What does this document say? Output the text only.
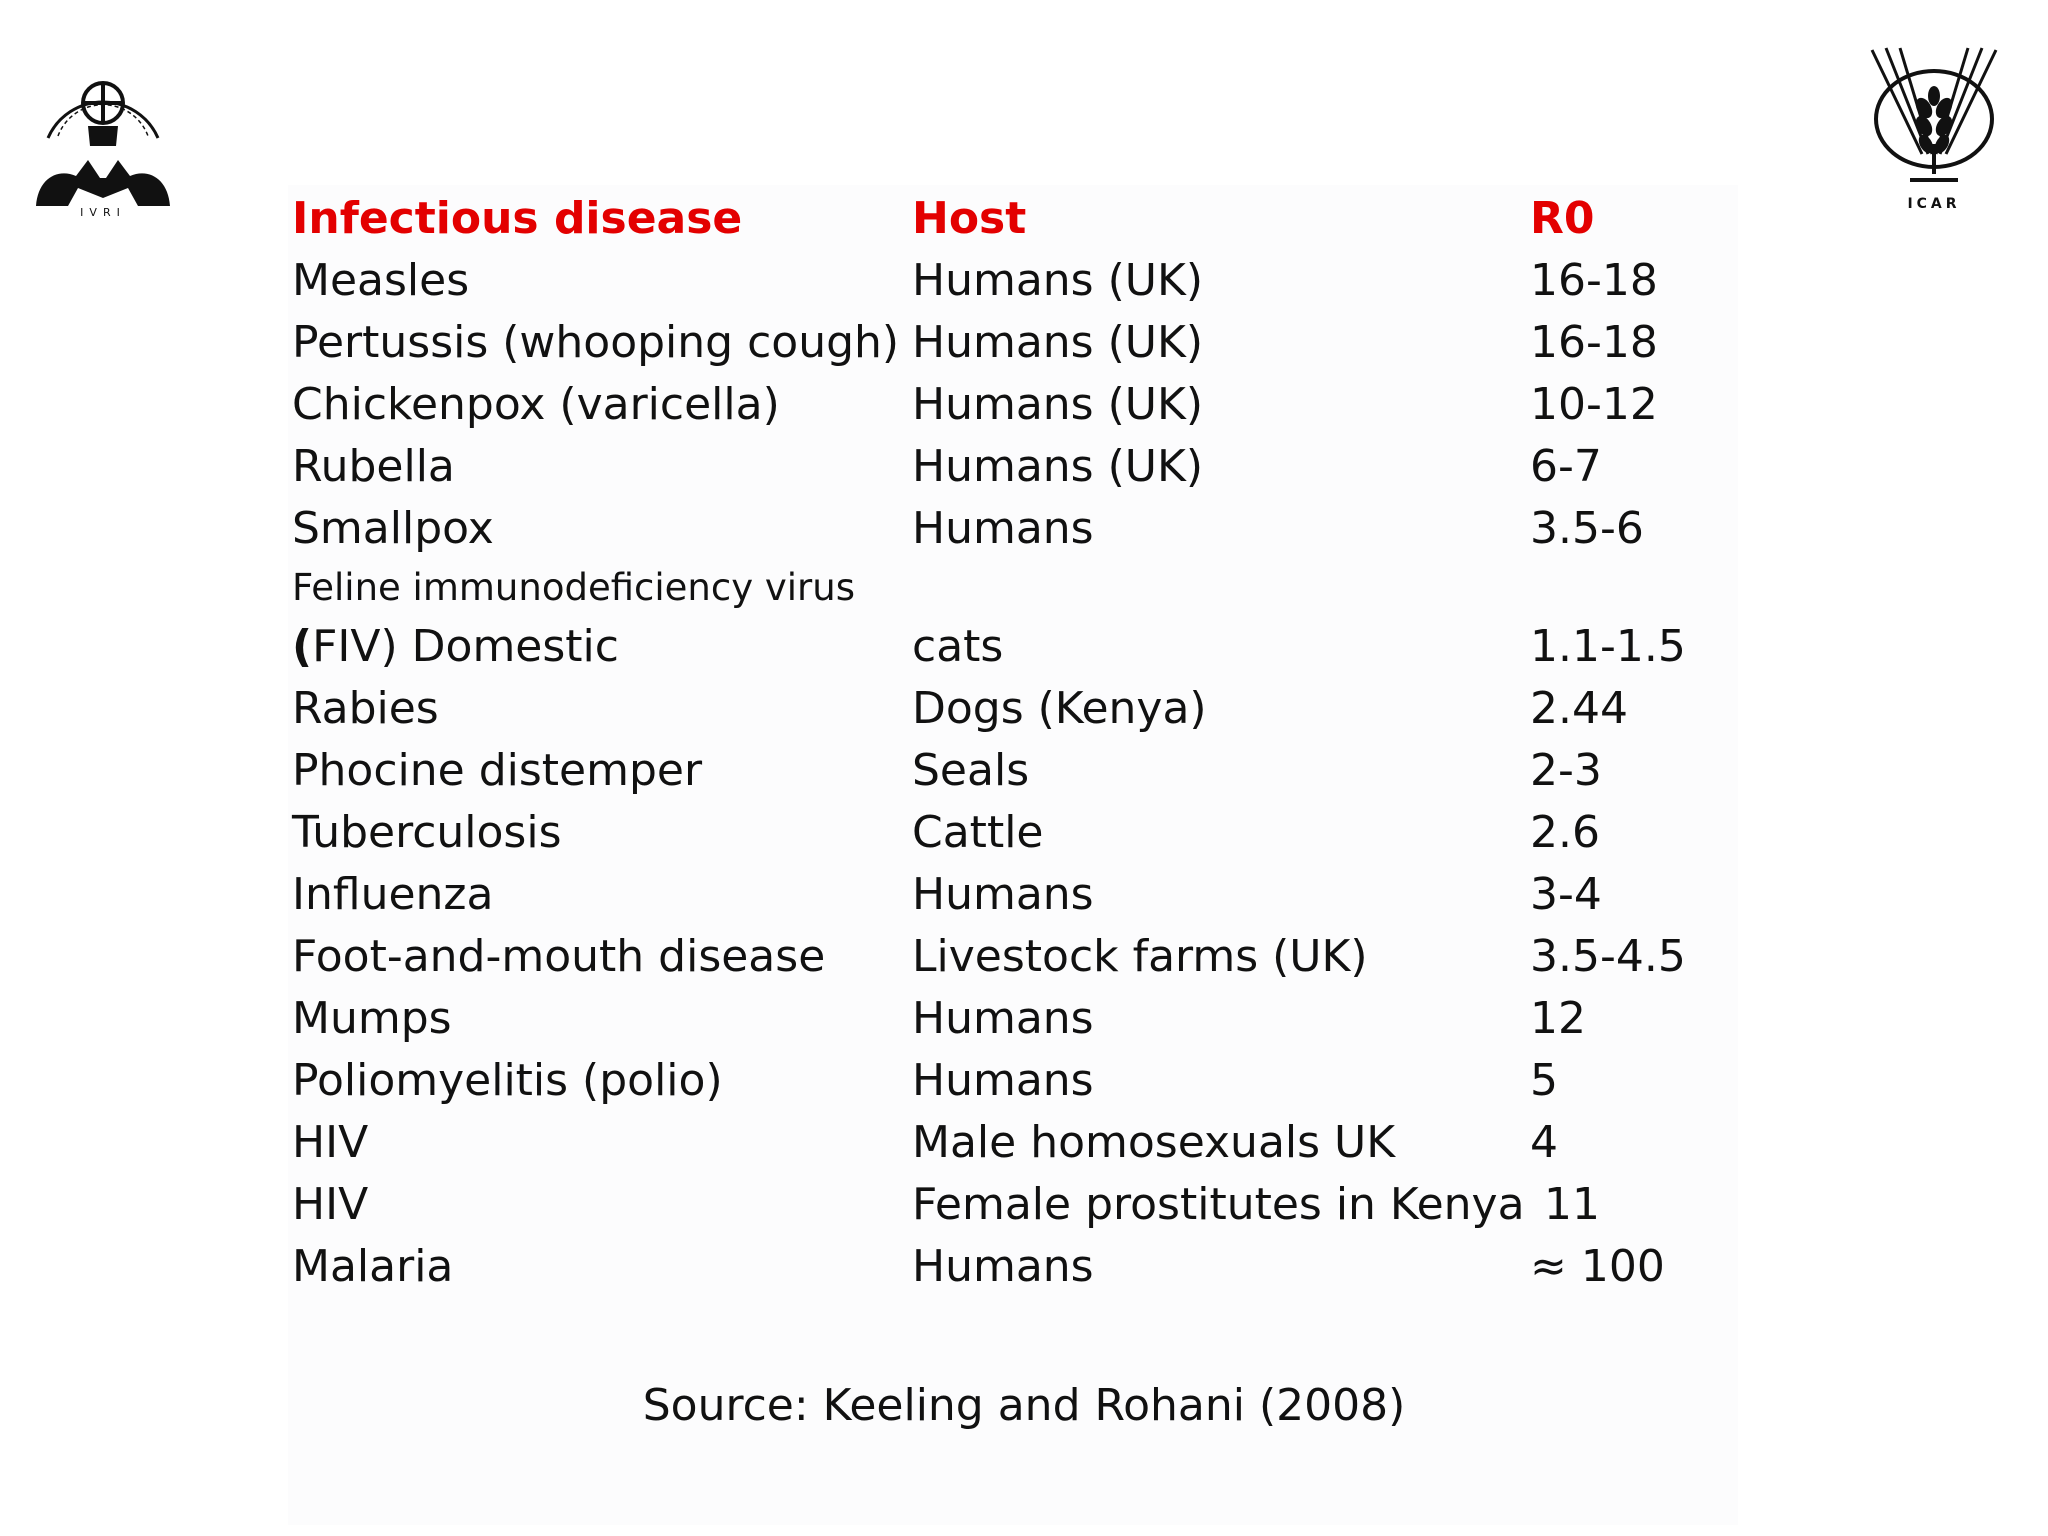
IVRI
ICAR
Infectious disease	Host	R0
Measles	Humans (UK)	16-18
Pertussis (whooping cough)	Humans (UK)	16-18
Chickenpox (varicella)	Humans (UK)	10-12
Rubella	Humans (UK)	6-7
Smallpox	Humans	3.5-6

Feline immunodeficiency virus
(FIV) Domestic	cats	1.1-1.5
Rabies	Dogs (Kenya)	2.44
Phocine distemper	Seals	2-3
Tuberculosis	Cattle	2.6
Influenza	Humans	3-4
Foot-and-mouth disease	Livestock farms (UK)	3.5-4.5
Mumps	Humans	12
Poliomyelitis (polio)	Humans	5
HIV	Male homosexuals UK	4
HIV	Female prostitutes in Kenya	11
Malaria	Humans	≈ 100
Source: Keeling and Rohani (2008)
